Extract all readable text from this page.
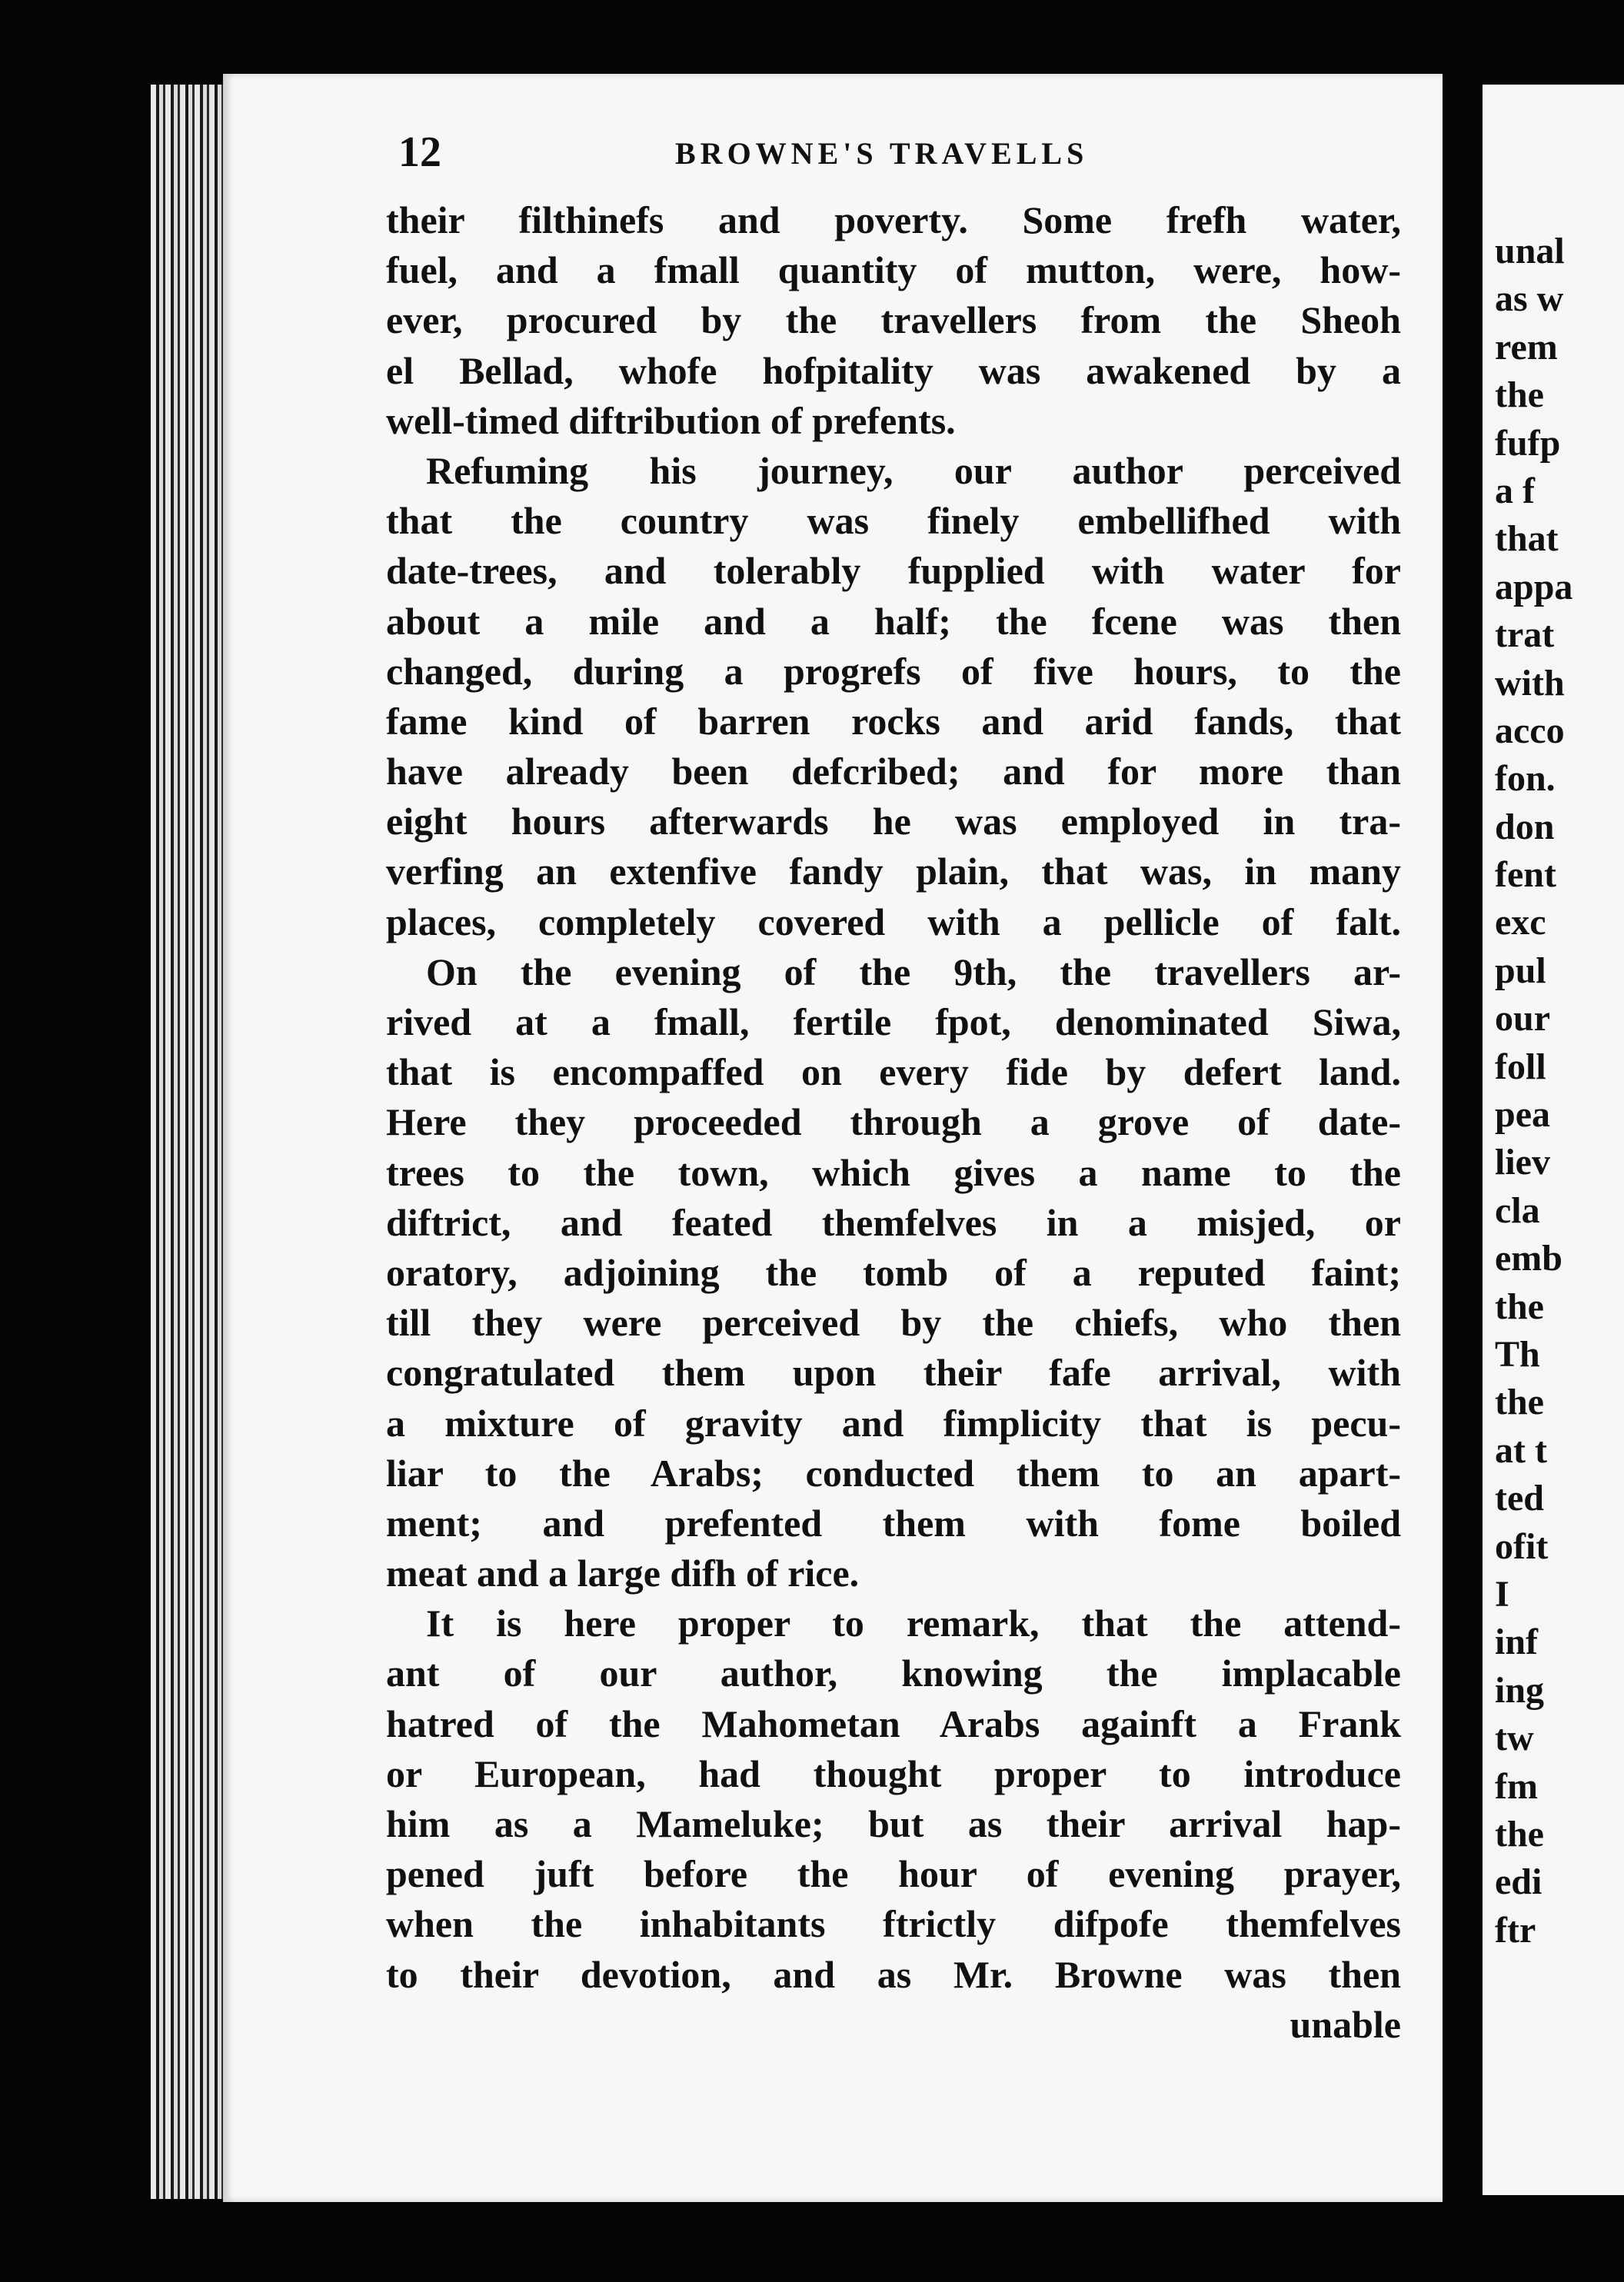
12	BROWNE'S TRAVELLS
their filthinefs and poverty. Some frefh water,
fuel, and a fmall quantity of mutton, were, how-
ever, procured by the travellers from the Sheoh
el Bellad, whofe hofpitality was awakened by a
well-timed diftribution of prefents.
Refuming his journey, our author perceived
that the country was finely embellifhed with
date-trees, and tolerably fupplied with water for
about a mile and a half; the fcene was then
changed, during a progrefs of five hours, to the
fame kind of barren rocks and arid fands, that
have already been defcribed; and for more than
eight hours afterwards he was employed in tra-
verfing an extenfive fandy plain, that was, in many
places, completely covered with a pellicle of falt.
On the evening of the 9th, the travellers ar-
rived at a fmall, fertile fpot, denominated Siwa,
that is encompaffed on every fide by defert land.
Here they proceeded through a grove of date-
trees to the town, which gives a name to the
diftrict, and feated themfelves in a misjed, or
oratory, adjoining the tomb of a reputed faint;
till they were perceived by the chiefs, who then
congratulated them upon their fafe arrival, with
a mixture of gravity and fimplicity that is pecu-
liar to the Arabs; conducted them to an apart-
ment; and prefented them with fome boiled
meat and a large difh of rice.
It is here proper to remark, that the attend-
ant of our author, knowing the implacable
hatred of the Mahometan Arabs againft a Frank
or European, had thought proper to introduce
him as a Mameluke; but as their arrival hap-
pened juft before the hour of evening prayer,
when the inhabitants ftrictly difpofe themfelves
to their devotion, and as Mr. Browne was then
unable
unal
as w
rem
the
fufp
a f
that
appa
trat
with
acco
fon.
don
fent
exc
pul
our
foll
pea
liev
cla
emb
the
Th
the
at t
ted
ofit
I
inf
ing
tw
fm
the
edi
ftr
